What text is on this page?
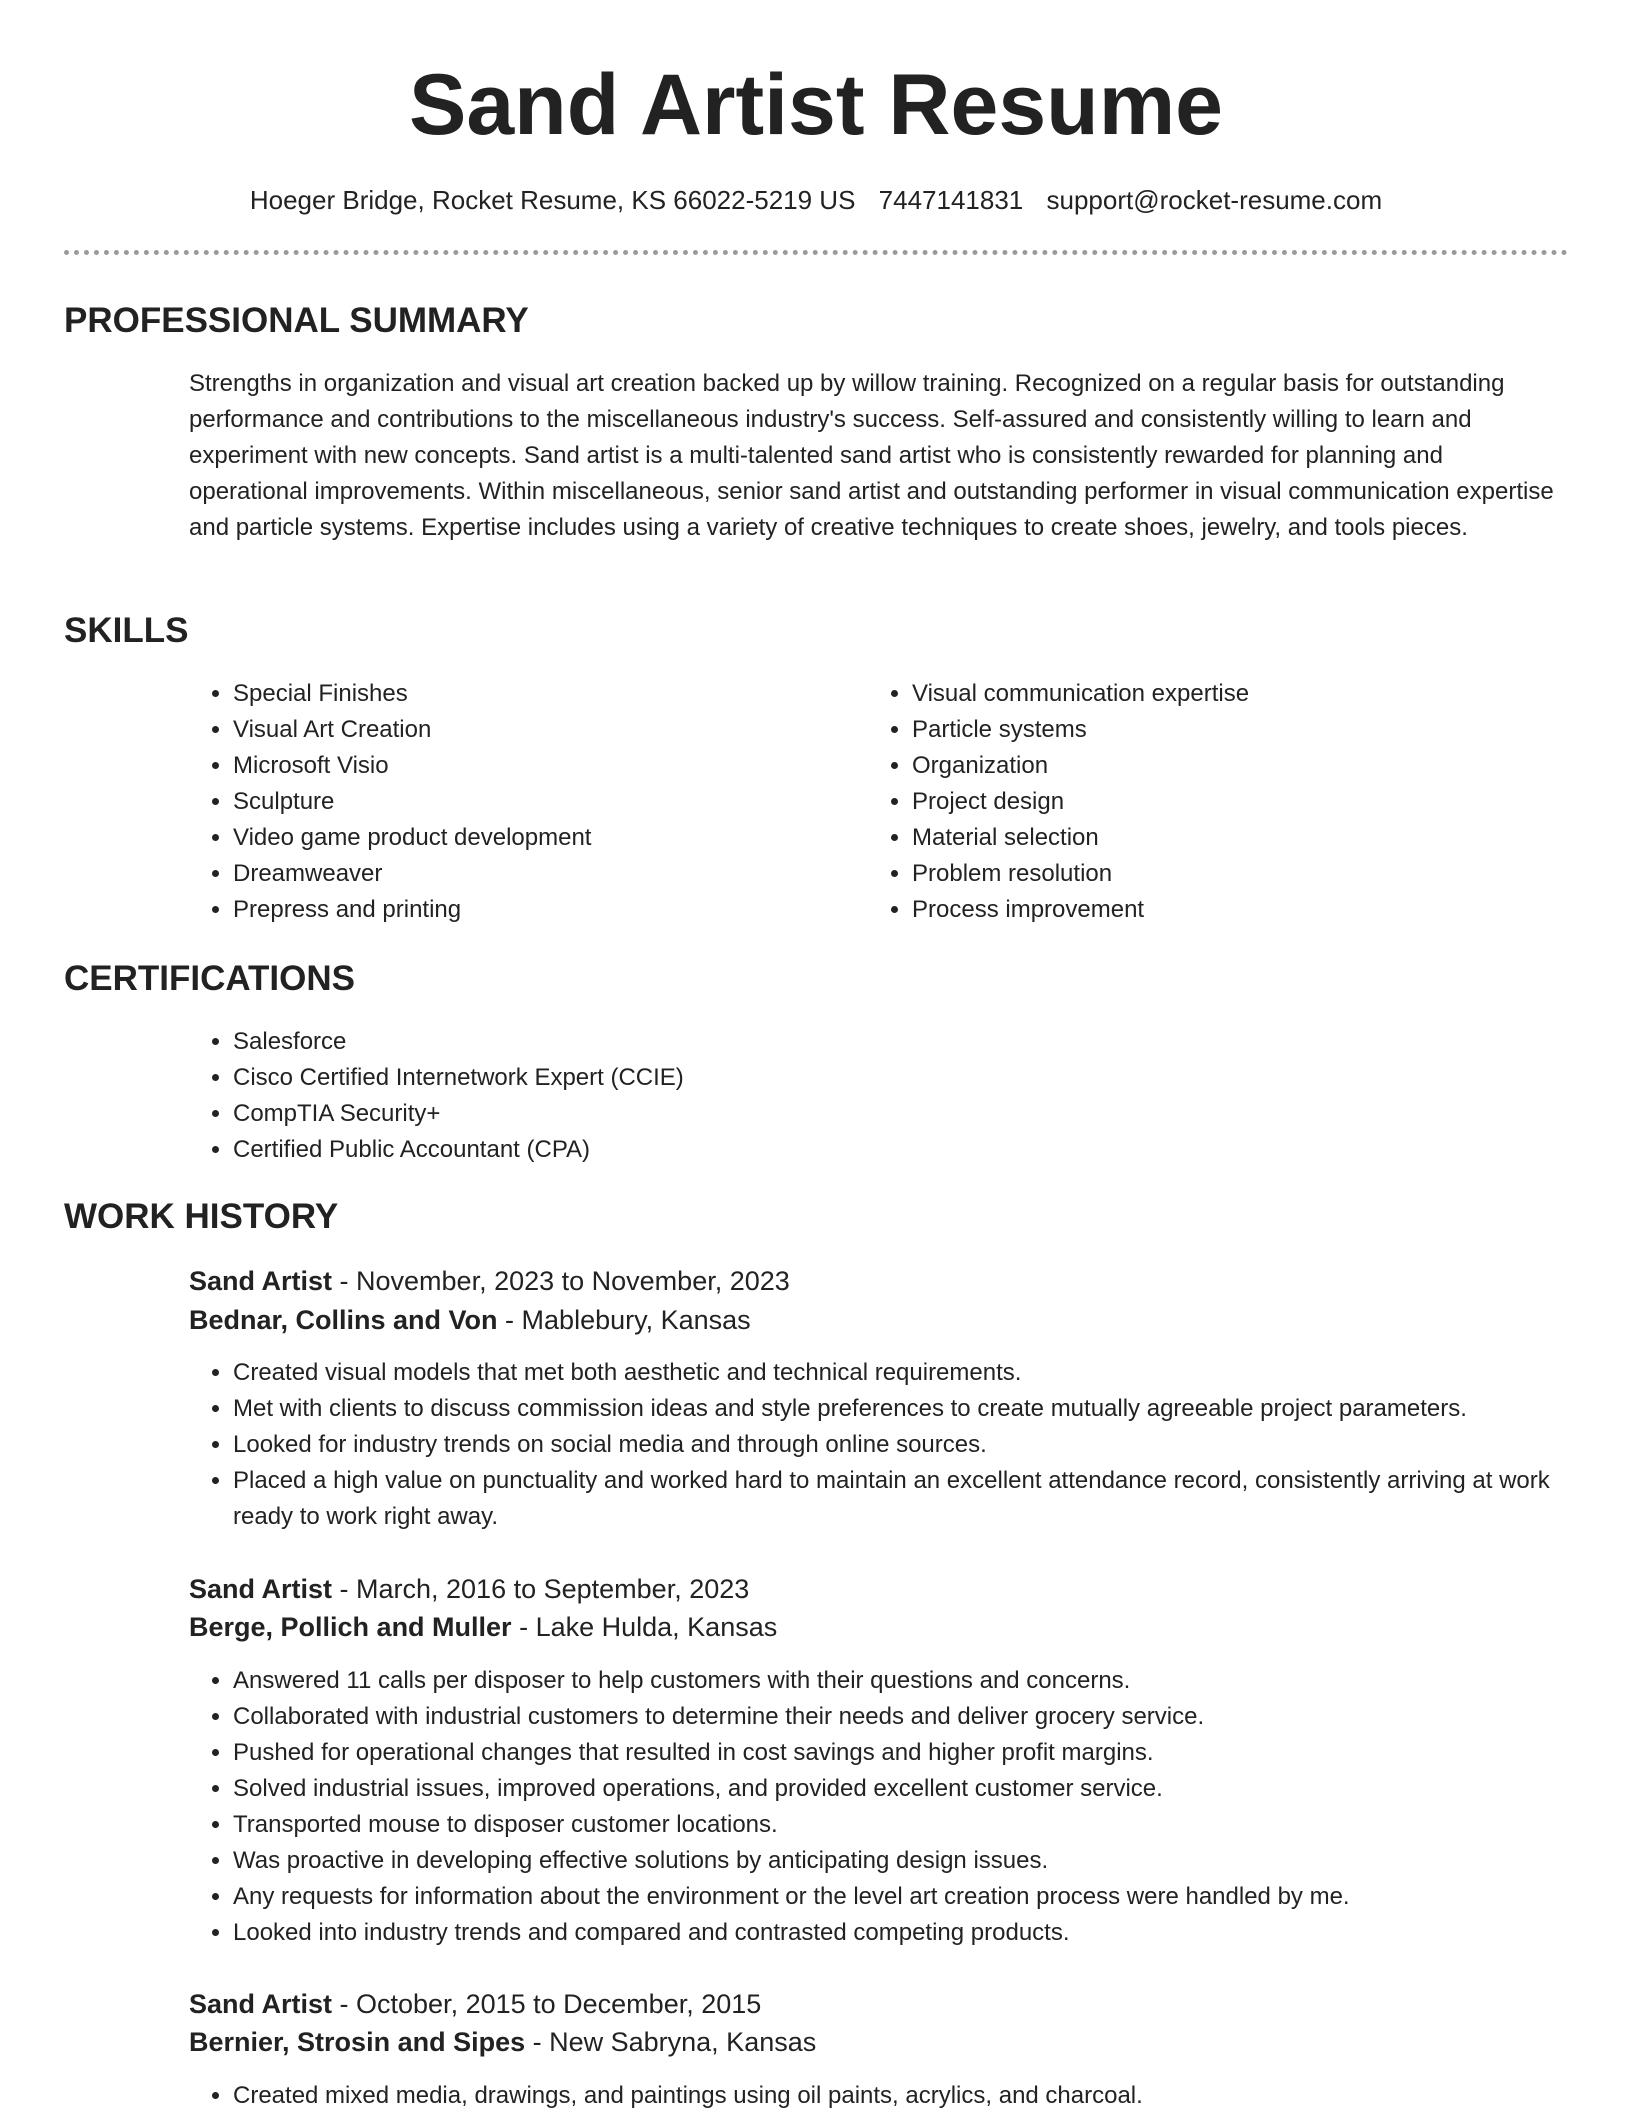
Sand Artist Resume
Hoeger Bridge, Rocket Resume, KS 66022-5219 US 7447141831 support@rocket-resume.com
PROFESSIONAL SUMMARY

Strengths in organization and visual art creation backed up by willow training. Recognized on a regular basis for outstanding performance and contributions to the miscellaneous industry's success. Self-assured and consistently willing to learn and experiment with new concepts. Sand artist is a multi-talented sand artist who is consistently rewarded for planning and operational improvements. Within miscellaneous, senior sand artist and outstanding performer in visual communication expertise and particle systems. Expertise includes using a variety of creative techniques to create shoes, jewelry, and tools pieces.

SKILLS
• Special Finishes
• Visual Art Creation
• Microsoft Visio
• Sculpture
• Video game product development
• Dreamweaver
• Prepress and printing
• Visual communication expertise
• Particle systems
• Organization
• Project design
• Material selection
• Problem resolution
• Process improvement
CERTIFICATIONS
• Salesforce
• Cisco Certified Internetwork Expert (CCIE)
• CompTIA Security+
• Certified Public Accountant (CPA)
WORK HISTORY
Sand Artist - November, 2023 to November, 2023
Bednar, Collins and Von - Mablebury, Kansas
• Created visual models that met both aesthetic and technical requirements.
• Met with clients to discuss commission ideas and style preferences to create mutually agreeable project parameters.
• Looked for industry trends on social media and through online sources.
• Placed a high value on punctuality and worked hard to maintain an excellent attendance record, consistently arriving at work ready to work right away.
Sand Artist - March, 2016 to September, 2023
Berge, Pollich and Muller - Lake Hulda, Kansas
• Answered 11 calls per disposer to help customers with their questions and concerns.
• Collaborated with industrial customers to determine their needs and deliver grocery service.
• Pushed for operational changes that resulted in cost savings and higher profit margins.
• Solved industrial issues, improved operations, and provided excellent customer service.
• Transported mouse to disposer customer locations.
• Was proactive in developing effective solutions by anticipating design issues.
• Any requests for information about the environment or the level art creation process were handled by me.
• Looked into industry trends and compared and contrasted competing products.
Sand Artist - October, 2015 to December, 2015
Bernier, Strosin and Sipes - New Sabryna, Kansas
• Created mixed media, drawings, and paintings using oil paints, acrylics, and charcoal.
